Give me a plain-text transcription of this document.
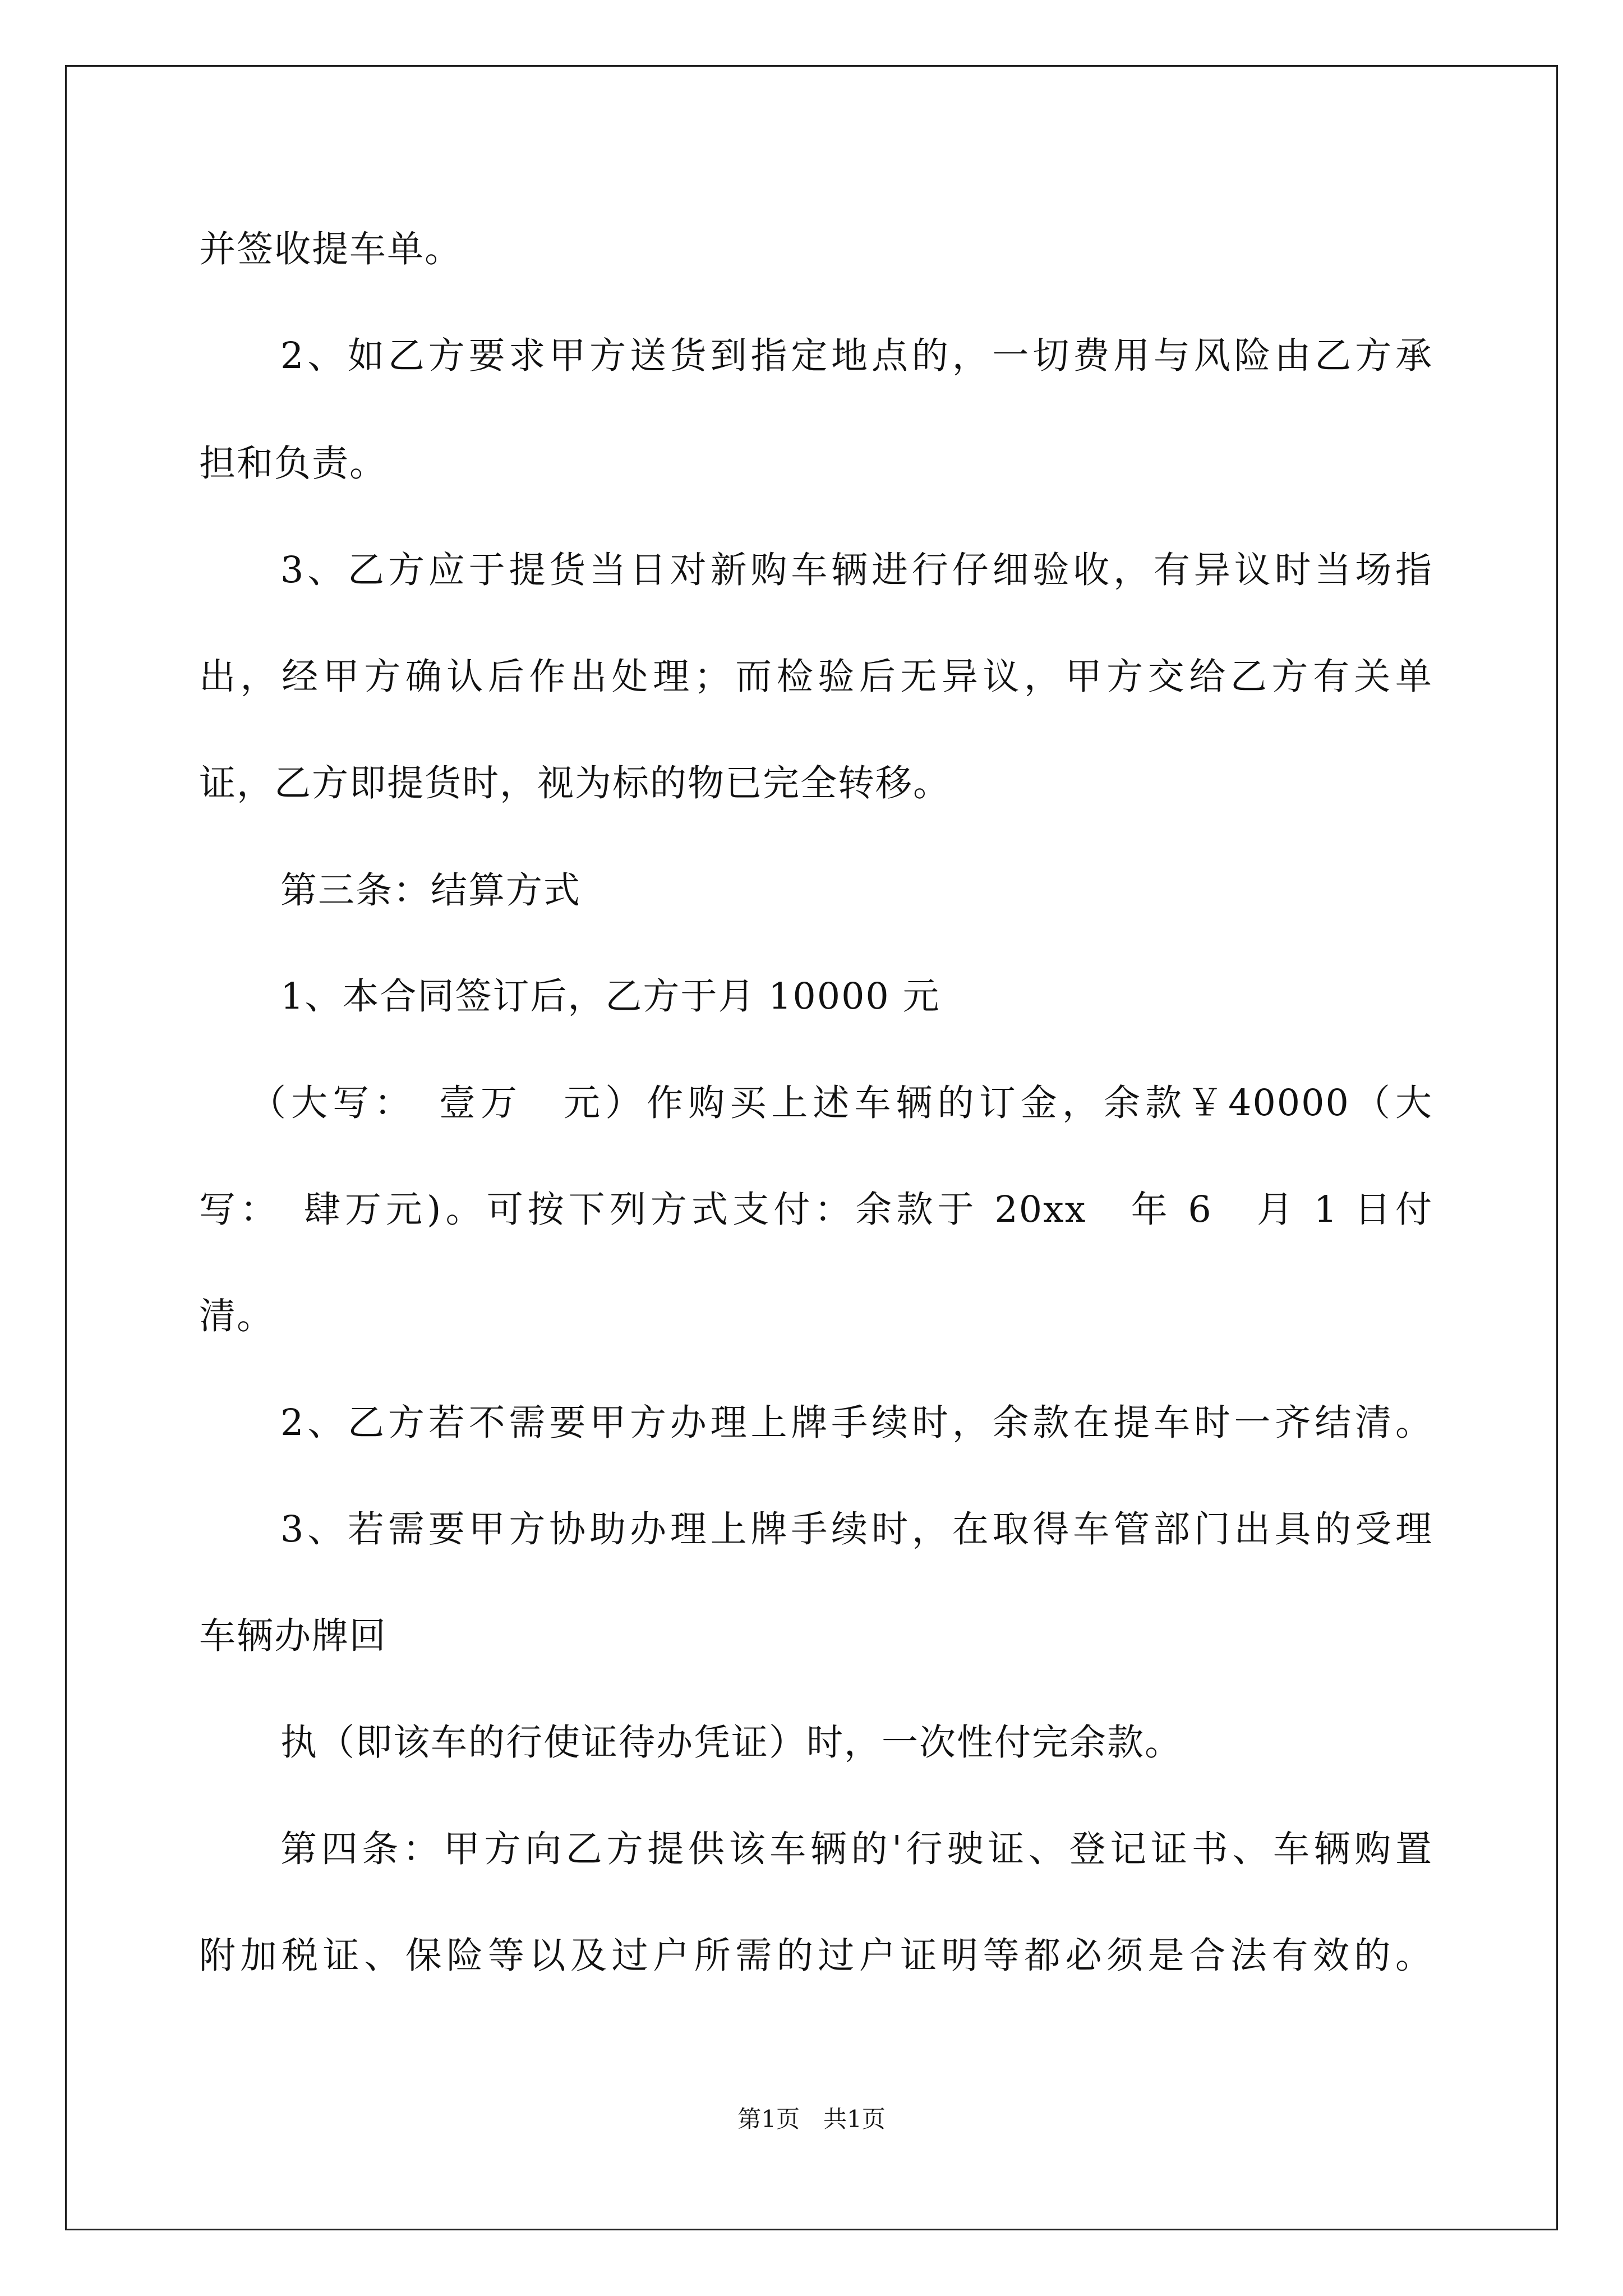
并签收提车单。
2、如乙方要求甲方送货到指定地点的，一切费用与风险由乙方承
担和负责。
3、乙方应于提货当日对新购车辆进行仔细验收，有异议时当场指
出，经甲方确认后作出处理；而检验后无异议，甲方交给乙方有关单
证，乙方即提货时，视为标的物已完全转移。
第三条：结算方式
1、本合同签订后，乙方于月 10000 元
（大写：　壹万　元）作购买上述车辆的订金，余款￥40000（大
写：　肆万元)。可按下列方式支付：余款于 20xx　年 6　月 1 日付
清。
2、乙方若不需要甲方办理上牌手续时，余款在提车时一齐结清。
3、若需要甲方协助办理上牌手续时，在取得车管部门出具的受理
车辆办牌回
执（即该车的行使证待办凭证）时，一次性付完余款。
第四条：甲方向乙方提供该车辆的'行驶证、登记证书、车辆购置
附加税证、保险等以及过户所需的过户证明等都必须是合法有效的。
第1页　共1页
